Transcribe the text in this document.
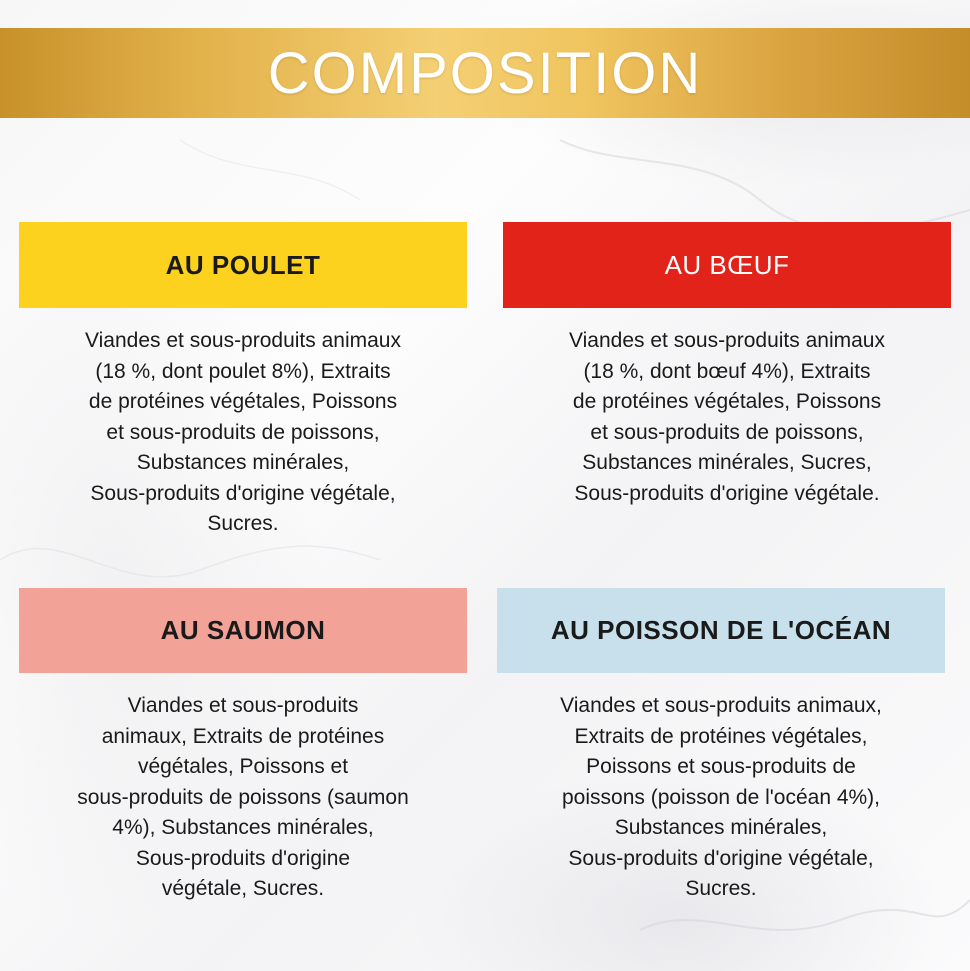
COMPOSITION
AU POULET
Viandes et sous-produits animaux
(18 %, dont poulet 8%), Extraits
de protéines végétales, Poissons
et sous-produits de poissons,
Substances minérales,
Sous-produits d'origine végétale,
Sucres.
AU BŒUF
Viandes et sous-produits animaux
(18 %, dont bœuf 4%), Extraits
de protéines végétales, Poissons
et sous-produits de poissons,
Substances minérales, Sucres,
Sous-produits d'origine végétale.
AU SAUMON
Viandes et sous-produits
animaux, Extraits de protéines
végétales, Poissons et
sous-produits de poissons (saumon
4%), Substances minérales,
Sous-produits d'origine
végétale, Sucres.
AU POISSON DE L'OCÉAN
Viandes et sous-produits animaux,
Extraits de protéines végétales,
Poissons et sous-produits de
poissons (poisson de l'océan 4%),
Substances minérales,
Sous-produits d'origine végétale,
Sucres.
